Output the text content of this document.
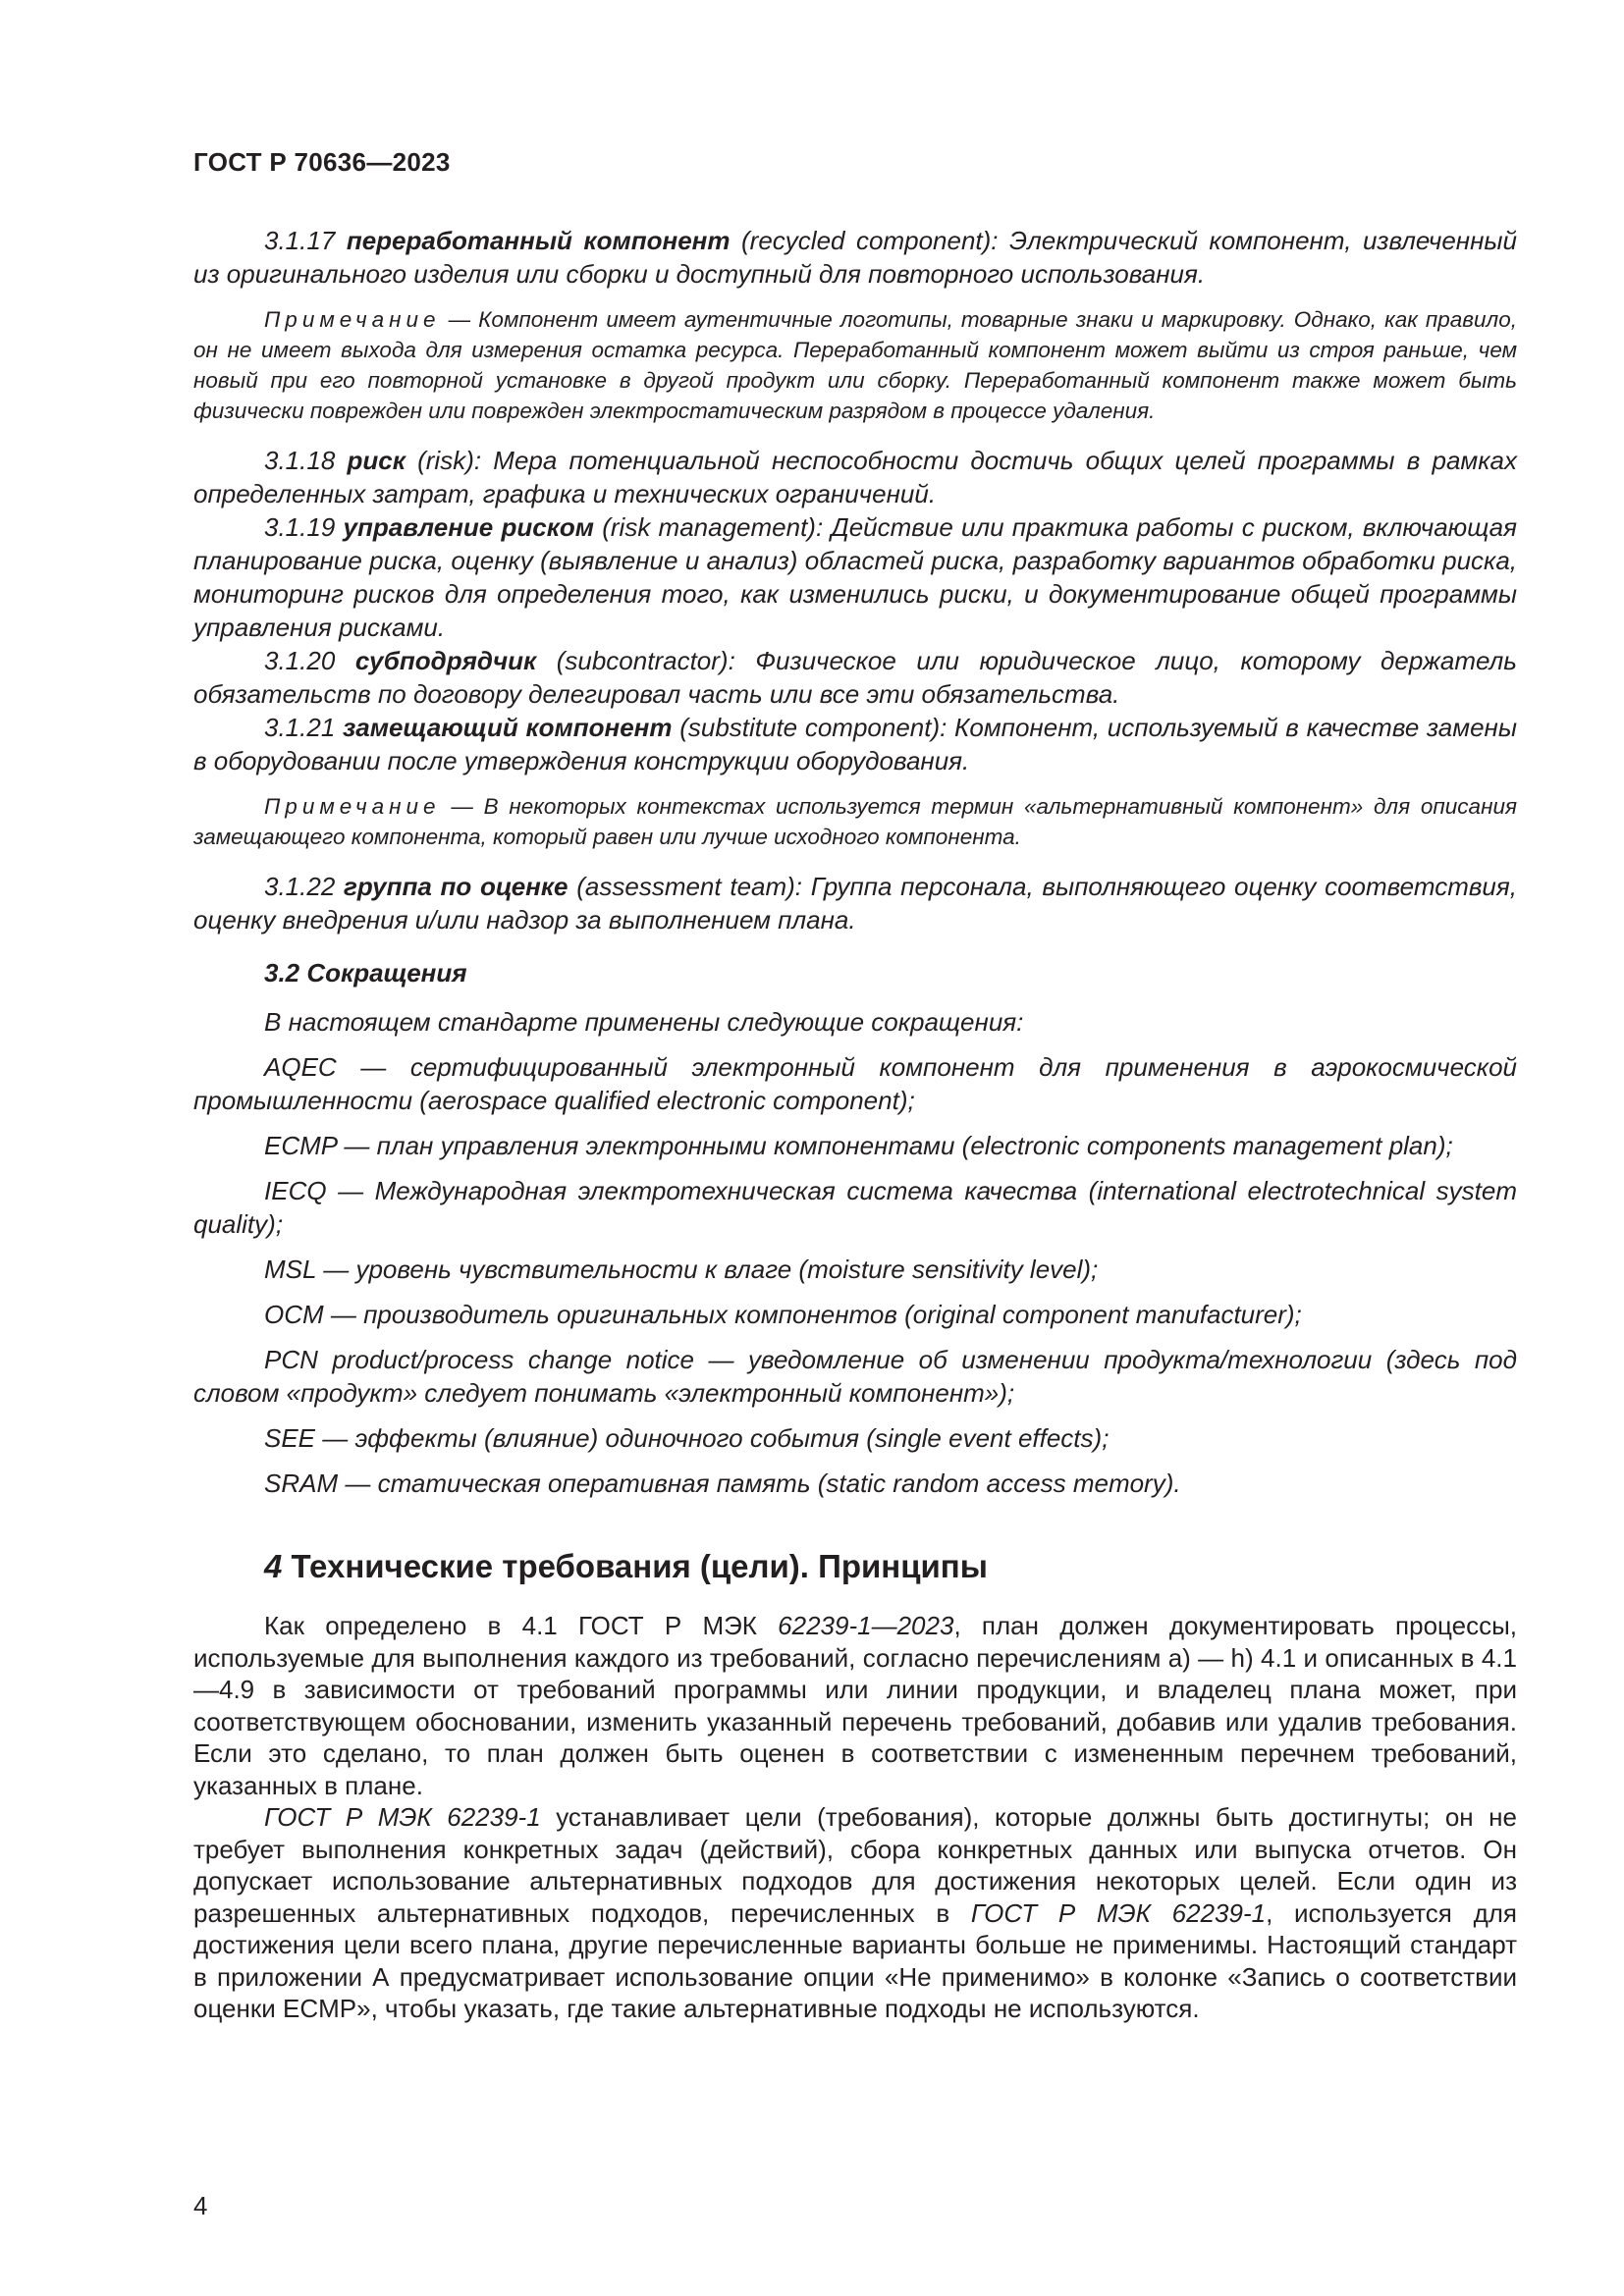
ГОСТ Р 70636—2023

3.1.17 переработанный компонент (recycled component): Электрический компонент, извлеченный из оригинального изделия или сборки и доступный для повторного использования.

Примечание — Компонент имеет аутентичные логотипы, товарные знаки и маркировку. Однако, как правило, он не имеет выхода для измерения остатка ресурса. Переработанный компонент может выйти из строя раньше, чем новый при его повторной установке в другой продукт или сборку. Переработанный компонент также может быть физически поврежден или поврежден электростатическим разрядом в процессе удаления.

3.1.18 риск (risk): Мера потенциальной неспособности достичь общих целей программы в рамках определенных затрат, графика и технических ограничений.

3.1.19 управление риском (risk management): Действие или практика работы с риском, включающая планирование риска, оценку (выявление и анализ) областей риска, разработку вариантов обработки риска, мониторинг рисков для определения того, как изменились риски, и документирование общей программы управления рисками.

3.1.20 субподрядчик (subcontractor): Физическое или юридическое лицо, которому держатель обязательств по договору делегировал часть или все эти обязательства.

3.1.21 замещающий компонент (substitute component): Компонент, используемый в качестве замены в оборудовании после утверждения конструкции оборудования.

Примечание — В некоторых контекстах используется термин «альтернативный компонент» для описания замещающего компонента, который равен или лучше исходного компонента.

3.1.22 группа по оценке (assessment team): Группа персонала, выполняющего оценку соответствия, оценку внедрения и/или надзор за выполнением плана.

3.2 Сокращения

В настоящем стандарте применены следующие сокращения:

AQEC — сертифицированный электронный компонент для применения в аэрокосмической промышленности (aerospace qualified electronic component);

ECMP — план управления электронными компонентами (electronic components management plan);

IECQ — Международная электротехническая система качества (international electrotechnical system quality);

MSL — уровень чувствительности к влаге (moisture sensitivity level);

OCM — производитель оригинальных компонентов (original component manufacturer);

PCN product/process change notice — уведомление об изменении продукта/технологии (здесь под словом «продукт» следует понимать «электронный компонент»);

SEE — эффекты (влияние) одиночного события (single event effects);

SRAM — статическая оперативная память (static random access memory).

4 Технические требования (цели). Принципы

Как определено в 4.1 ГОСТ Р МЭК 62239-1—2023, план должен документировать процессы, используемые для выполнения каждого из требований, согласно перечислениям а) — h) 4.1 и описанных в 4.1—4.9 в зависимости от требований программы или линии продукции, и владелец плана может, при соответствующем обосновании, изменить указанный перечень требований, добавив или удалив требования. Если это сделано, то план должен быть оценен в соответствии с измененным перечнем требований, указанных в плане.

ГОСТ Р МЭК 62239-1 устанавливает цели (требования), которые должны быть достигнуты; он не требует выполнения конкретных задач (действий), сбора конкретных данных или выпуска отчетов. Он допускает использование альтернативных подходов для достижения некоторых целей. Если один из разрешенных альтернативных подходов, перечисленных в ГОСТ Р МЭК 62239-1, используется для достижения цели всего плана, другие перечисленные варианты больше не применимы. Настоящий стандарт в приложении А предусматривает использование опции «Не применимо» в колонке «Запись о соответствии оценки ECMP», чтобы указать, где такие альтернативные подходы не используются.

4
